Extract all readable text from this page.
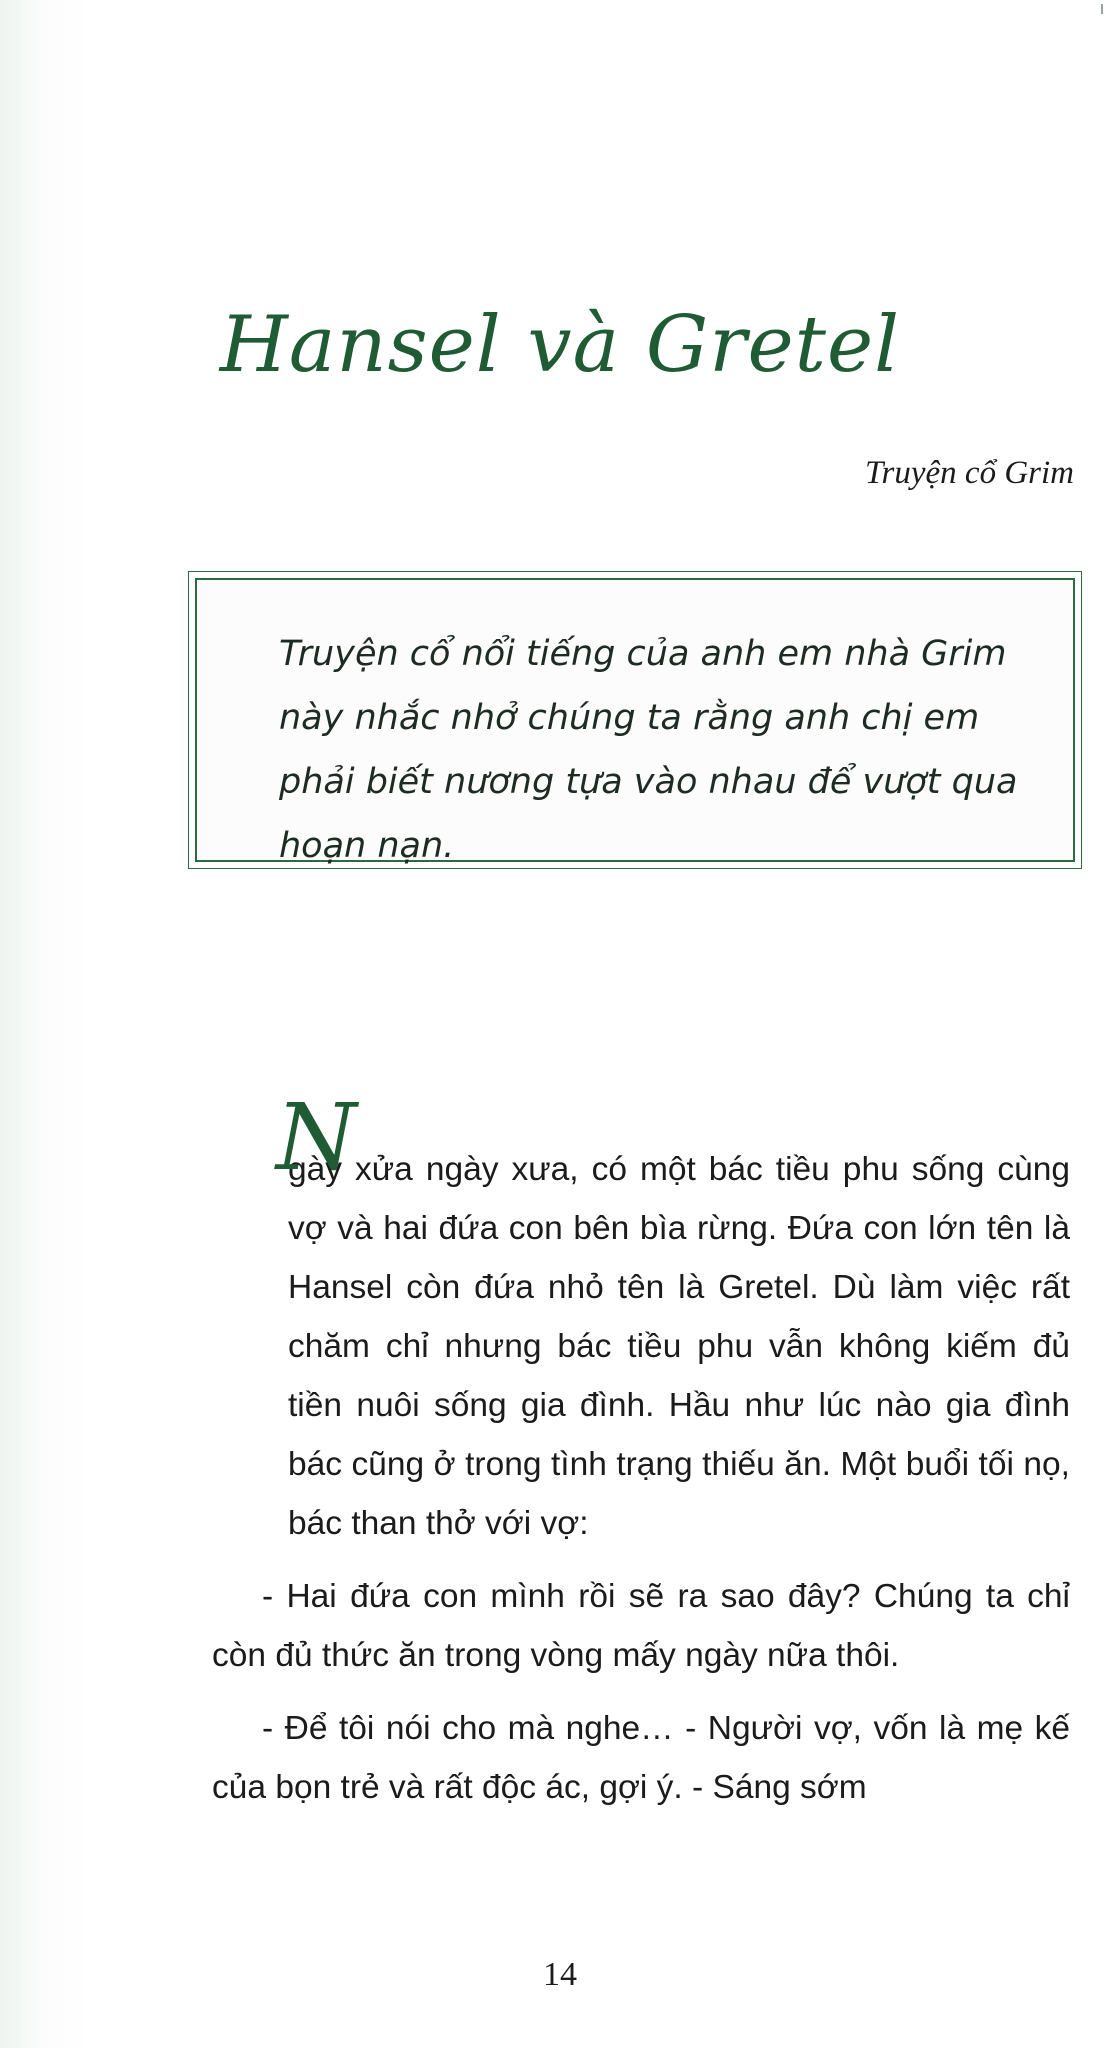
Hansel và Gretel
Truyện cổ Grim

Truyện cổ nổi tiếng của anh em nhà Grim này nhắc nhở chúng ta rằng anh chị em phải biết nương tựa vào nhau để vượt qua hoạn nạn.

N

gày xửa ngày xưa, có một bác tiều phu sống cùng vợ và hai đứa con bên bìa rừng. Đứa con lớn tên là Hansel còn đứa nhỏ tên là Gretel. Dù làm việc rất chăm chỉ nhưng bác tiều phu vẫn không kiếm đủ tiền nuôi sống gia đình. Hầu như lúc nào gia đình bác cũng ở trong tình trạng thiếu ăn. Một buổi tối nọ, bác than thở với vợ:

- Hai đứa con mình rồi sẽ ra sao đây? Chúng ta chỉ còn đủ thức ăn trong vòng mấy ngày nữa thôi.

- Để tôi nói cho mà nghe… - Người vợ, vốn là mẹ kế của bọn trẻ và rất độc ác, gợi ý. - Sáng sớm

14
